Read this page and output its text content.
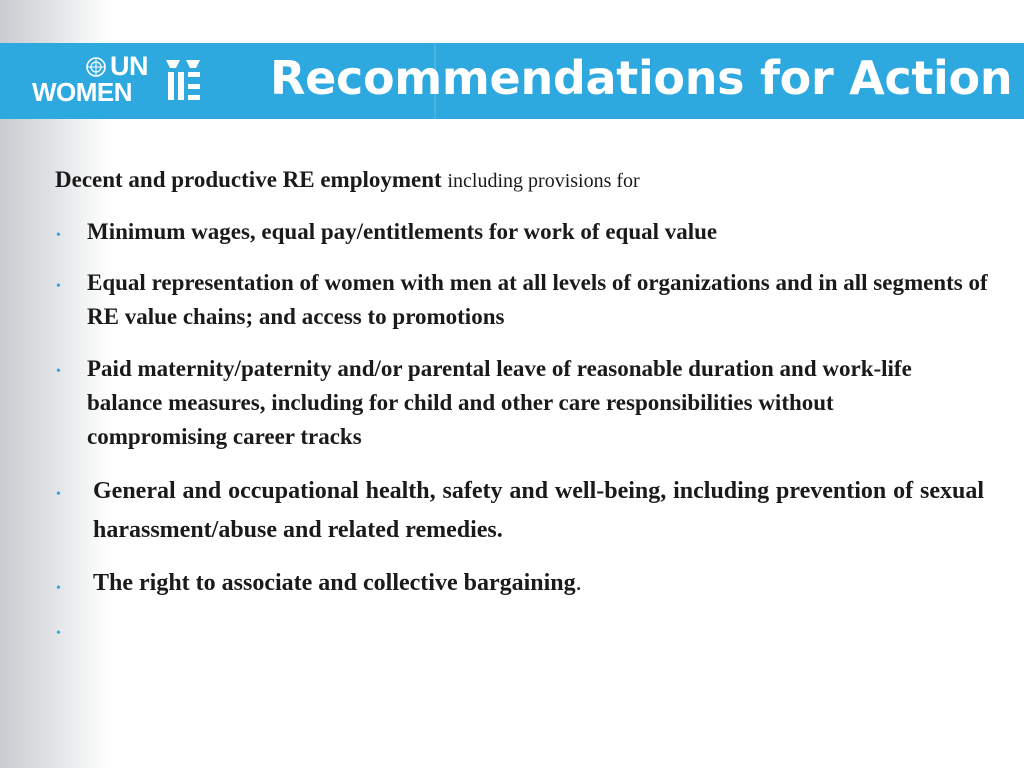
UN
WOMEN	Recommendations for Action
Decent and productive RE employment including provisions for
• Minimum wages, equal pay/entitlements for work of equal value
• Equal representation of women with men at all levels of organizations and in all segments of RE value chains; and access to promotions
• Paid maternity/paternity and/or parental leave of reasonable duration and work-life balance measures, including for child and other care responsibilities without compromising career tracks
• General and occupational health, safety and well-being, including prevention of sexual harassment/abuse and related remedies.
• The right to associate and collective bargaining.
•
